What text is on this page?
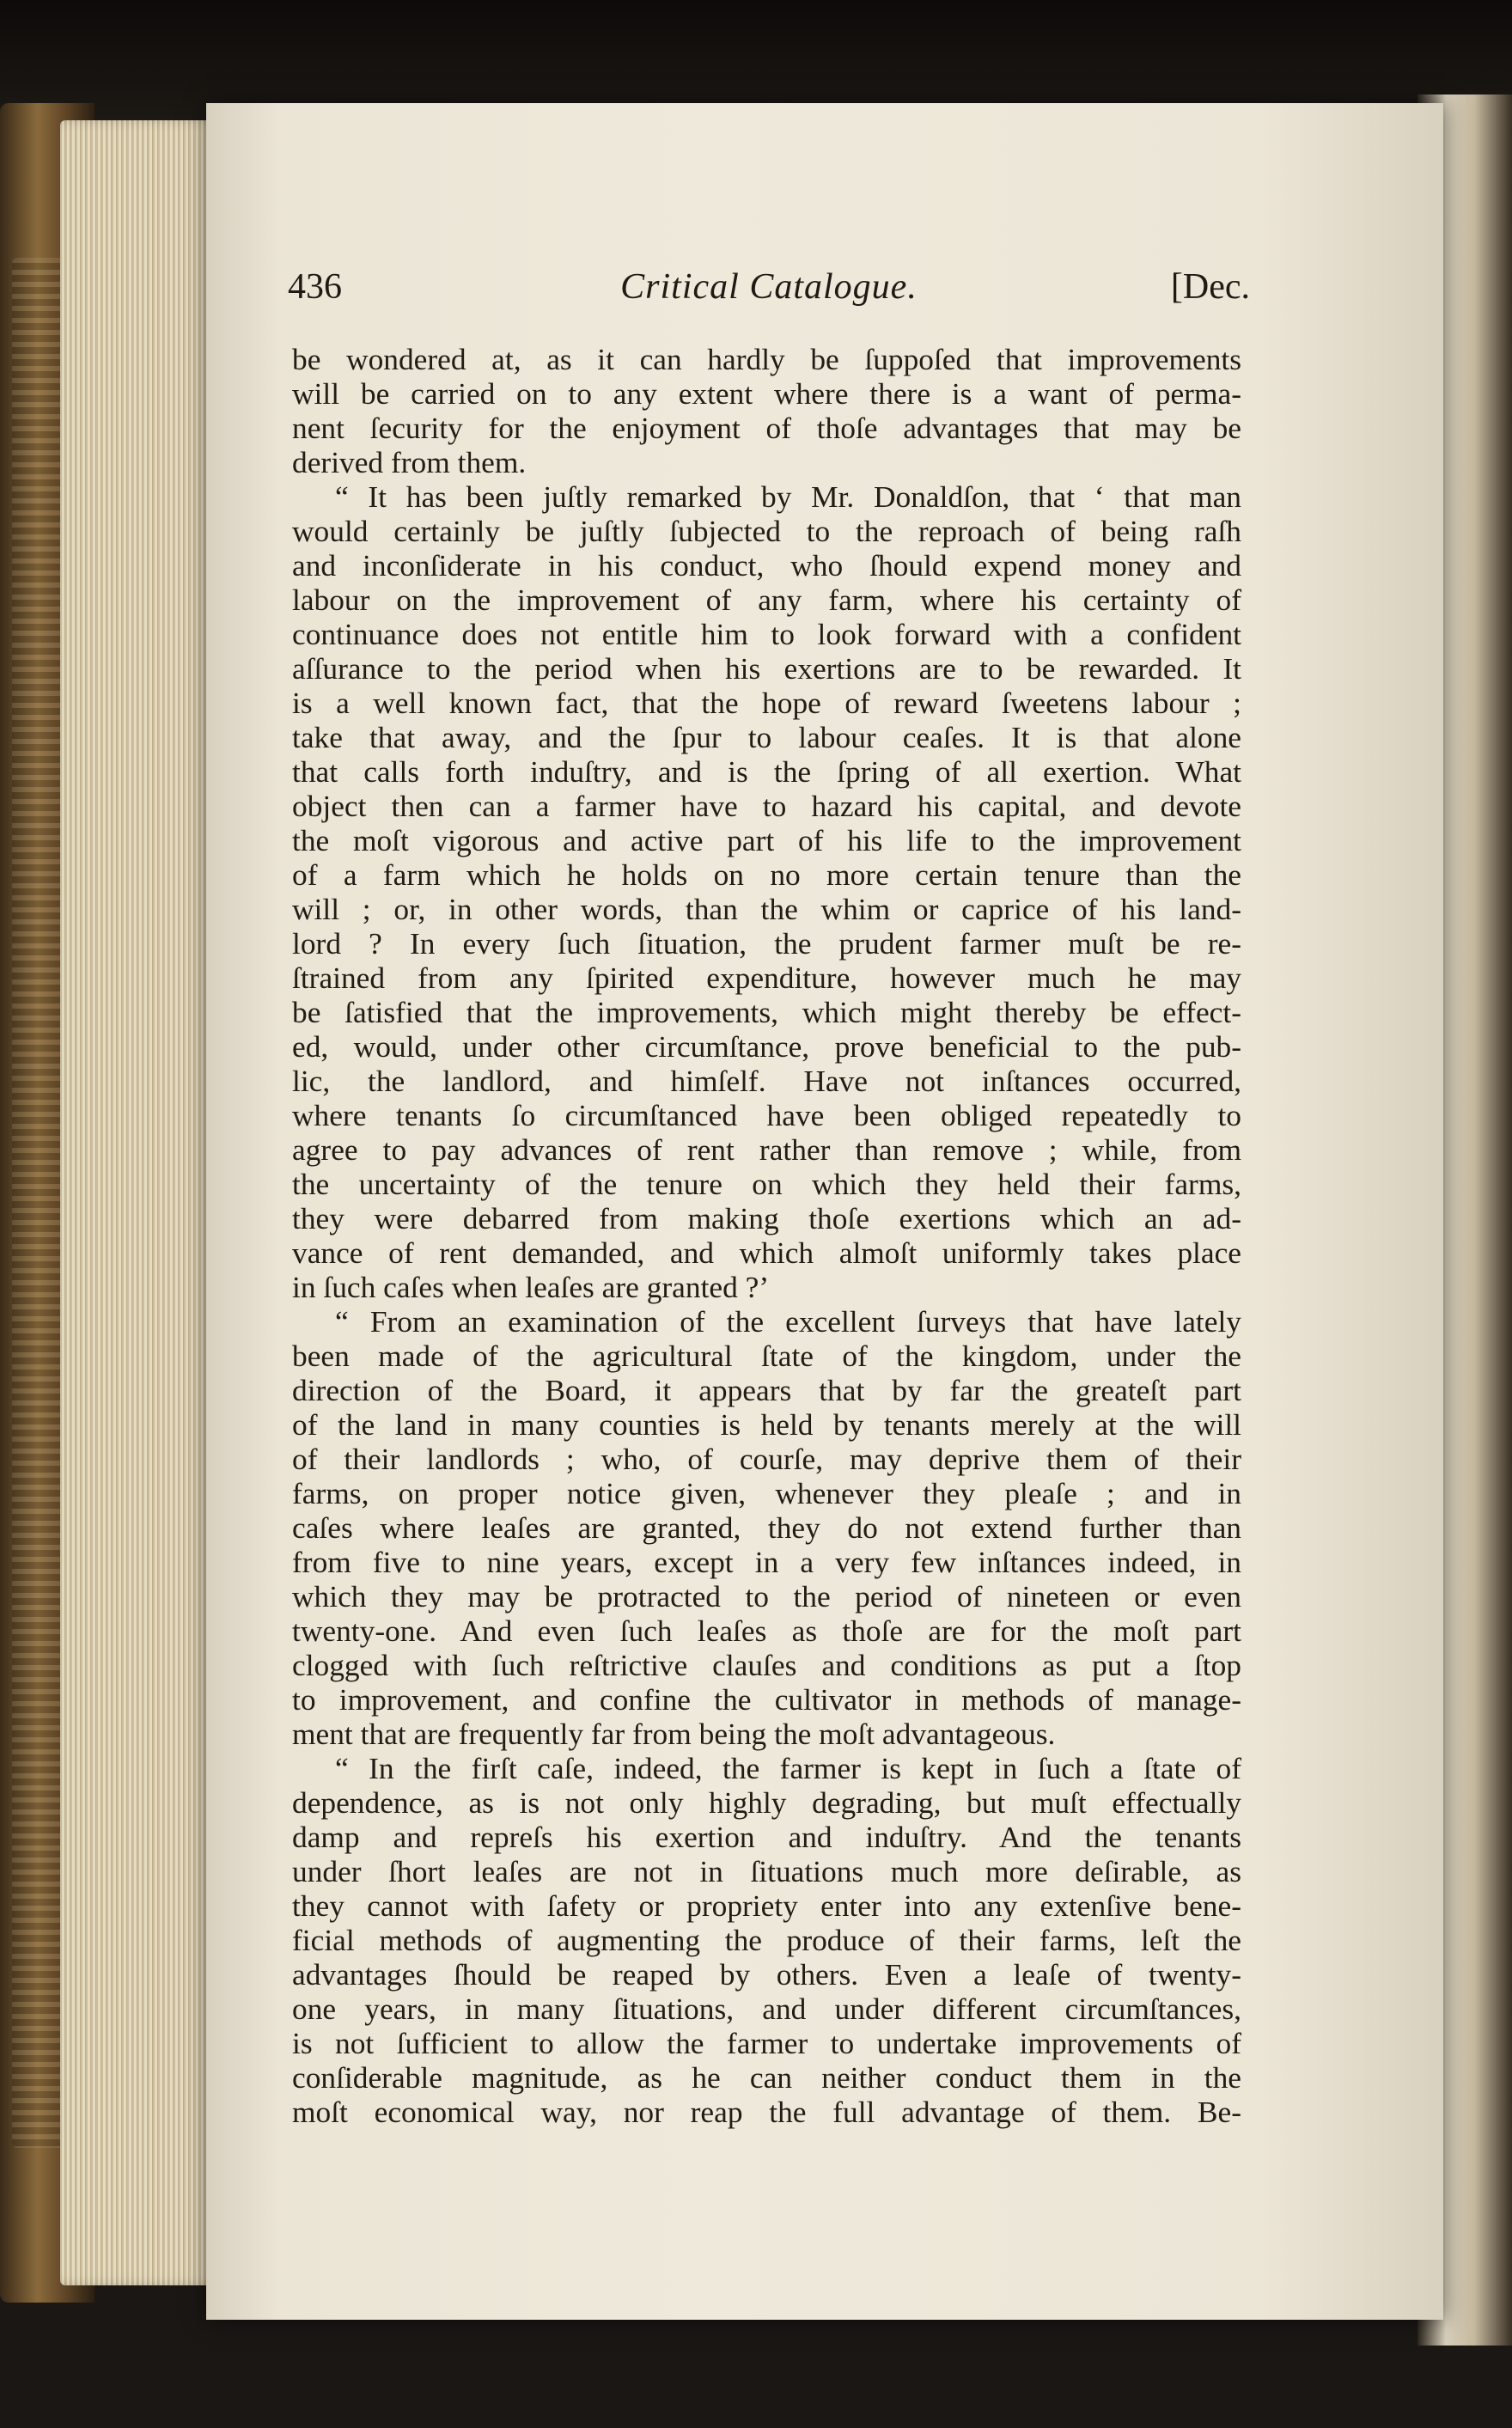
436	Critical Catalogue.	[Dec.
be wondered at, as it can hardly be ſuppoſed that improvements
will be carried on to any extent where there is a want of perma-
nent ſecurity for the enjoyment of thoſe advantages that may be
derived from them.
“ It has been juſtly remarked by Mr. Donaldſon, that ‘ that man
would certainly be juſtly ſubjected to the reproach of being raſh
and inconſiderate in his conduct, who ſhould expend money and
labour on the improvement of any farm, where his certainty of
continuance does not entitle him to look forward with a confident
aſſurance to the period when his exertions are to be rewarded. It
is a well known fact, that the hope of reward ſweetens labour ;
take that away, and the ſpur to labour ceaſes. It is that alone
that calls forth induſtry, and is the ſpring of all exertion. What
object then can a farmer have to hazard his capital, and devote
the moſt vigorous and active part of his life to the improvement
of a farm which he holds on no more certain tenure than the
will ; or, in other words, than the whim or caprice of his land-
lord ? In every ſuch ſituation, the prudent farmer muſt be re-
ſtrained from any ſpirited expenditure, however much he may
be ſatisfied that the improvements, which might thereby be effect-
ed, would, under other circumſtance, prove beneficial to the pub-
lic, the landlord, and himſelf. Have not inſtances occurred,
where tenants ſo circumſtanced have been obliged repeatedly to
agree to pay advances of rent rather than remove ; while, from
the uncertainty of the tenure on which they held their farms,
they were debarred from making thoſe exertions which an ad-
vance of rent demanded, and which almoſt uniformly takes place
in ſuch caſes when leaſes are granted ?’
“ From an examination of the excellent ſurveys that have lately
been made of the agricultural ſtate of the kingdom, under the
direction of the Board, it appears that by far the greateſt part
of the land in many counties is held by tenants merely at the will
of their landlords ; who, of courſe, may deprive them of their
farms, on proper notice given, whenever they pleaſe ; and in
caſes where leaſes are granted, they do not extend further than
from five to nine years, except in a very few inſtances indeed, in
which they may be protracted to the period of nineteen or even
twenty-one. And even ſuch leaſes as thoſe are for the moſt part
clogged with ſuch reſtrictive clauſes and conditions as put a ſtop
to improvement, and confine the cultivator in methods of manage-
ment that are frequently far from being the moſt advantageous.
“ In the firſt caſe, indeed, the farmer is kept in ſuch a ſtate of
dependence, as is not only highly degrading, but muſt effectually
damp and repreſs his exertion and induſtry. And the tenants
under ſhort leaſes are not in ſituations much more deſirable, as
they cannot with ſafety or propriety enter into any extenſive bene-
ficial methods of augmenting the produce of their farms, leſt the
advantages ſhould be reaped by others. Even a leaſe of twenty-
one years, in many ſituations, and under different circumſtances,
is not ſufficient to allow the farmer to undertake improvements of
conſiderable magnitude, as he can neither conduct them in the
moſt economical way, nor reap the full advantage of them. Be-
